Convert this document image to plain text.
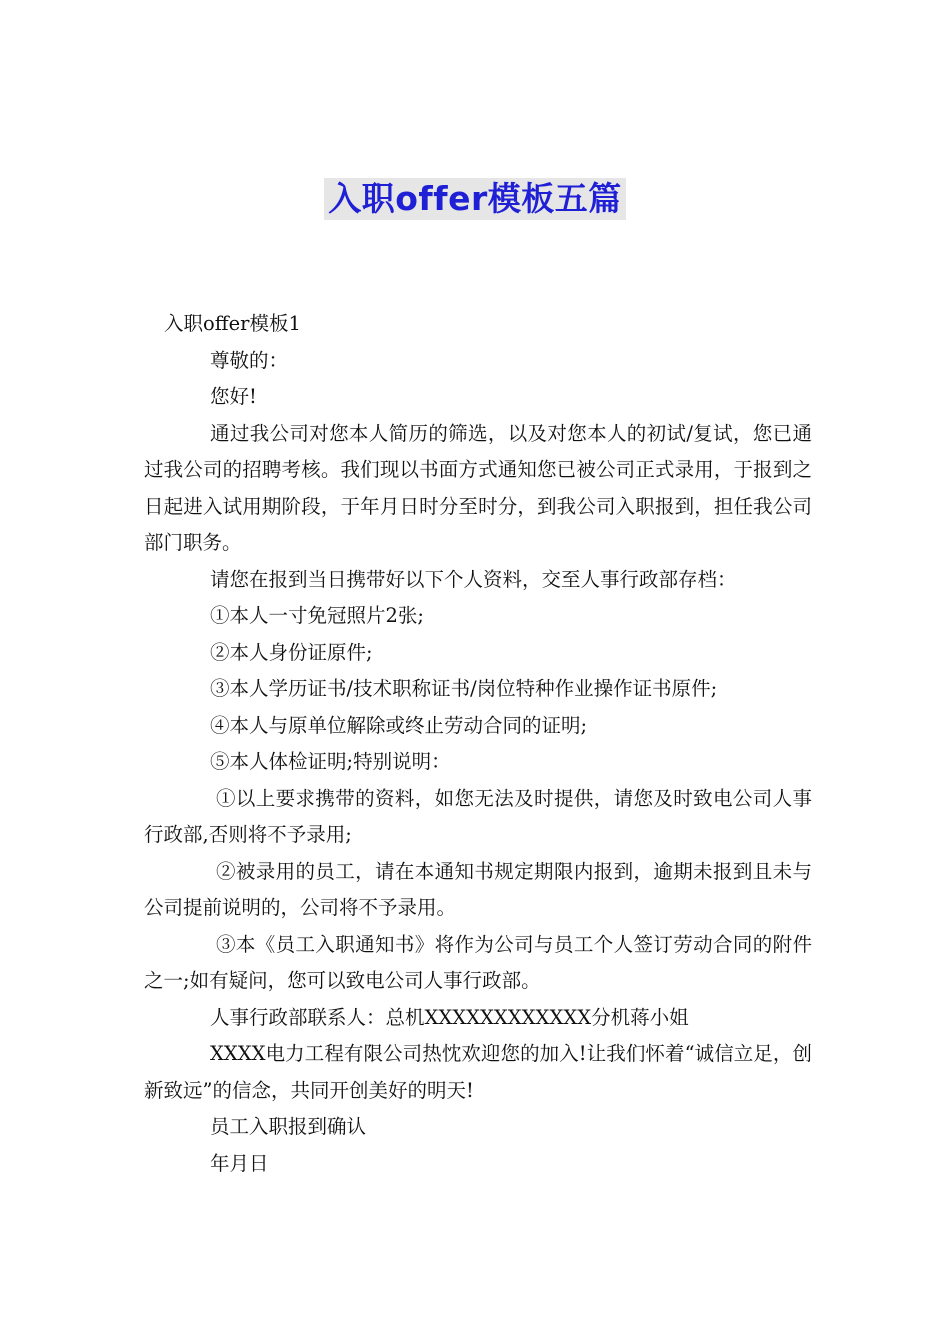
入职offer模板五篇

入职offer模板1

尊敬的：

您好!

通过我公司对您本人简历的筛选，以及对您本人的初试/复试，您已通过我公司的招聘考核。我们现以书面方式通知您已被公司正式录用，于报到之日起进入试用期阶段，于年月日时分至时分，到我公司入职报到，担任我公司部门职务。

请您在报到当日携带好以下个人资料，交至人事行政部存档：

①本人一寸免冠照片2张;

②本人身份证原件;

③本人学历证书/技术职称证书/岗位特种作业操作证书原件;

④本人与原单位解除或终止劳动合同的证明;

⑤本人体检证明;特别说明：

①以上要求携带的资料，如您无法及时提供，请您及时致电公司人事行政部,否则将不予录用;

②被录用的员工，请在本通知书规定期限内报到，逾期未报到且未与公司提前说明的，公司将不予录用。

③本《员工入职通知书》将作为公司与员工个人签订劳动合同的附件之一;如有疑问，您可以致电公司人事行政部。

人事行政部联系人：总机XXXXXXXXXXXX分机蒋小姐

XXXX电力工程有限公司热忱欢迎您的加入!让我们怀着“诚信立足，创新致远”的信念，共同开创美好的明天!

员工入职报到确认

年月日
